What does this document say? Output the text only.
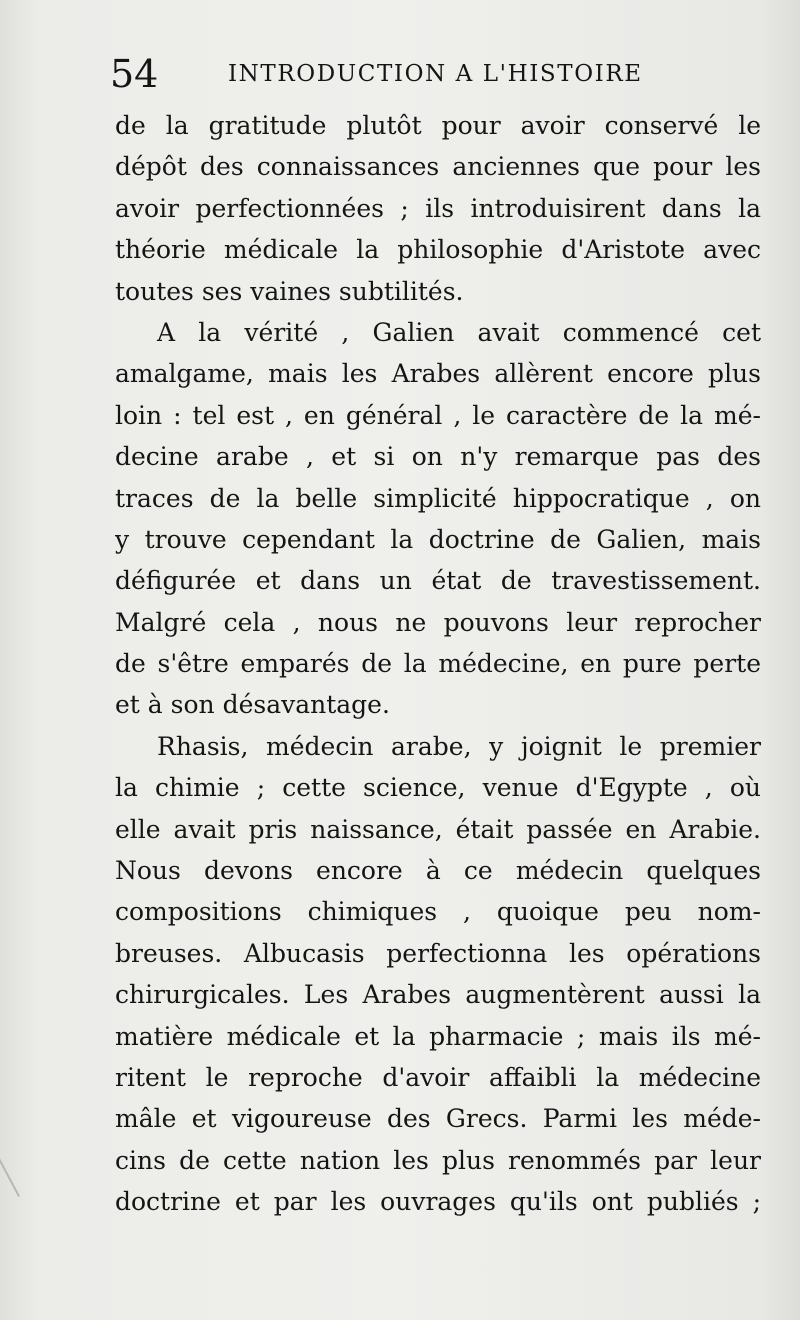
54	INTRODUCTION A L'HISTOIRE
de la gratitude plutôt pour avoir conservé le
dépôt des connaissances anciennes que pour les
avoir perfectionnées ; ils introduisirent dans la
théorie médicale la philosophie d'Aristote avec
toutes ses vaines subtilités.
A la vérité , Galien avait commencé cet
amalgame, mais les Arabes allèrent encore plus
loin : tel est , en général , le caractère de la mé-
decine arabe , et si on n'y remarque pas des
traces de la belle simplicité hippocratique , on
y trouve cependant la doctrine de Galien, mais
défigurée et dans un état de travestissement.
Malgré cela , nous ne pouvons leur reprocher
de s'être emparés de la médecine, en pure perte
et à son désavantage.
Rhasis, médecin arabe, y joignit le premier
la chimie ; cette science, venue d'Egypte , où
elle avait pris naissance, était passée en Arabie.
Nous devons encore à ce médecin quelques
compositions chimiques , quoique peu nom-
breuses. Albucasis perfectionna les opérations
chirurgicales. Les Arabes augmentèrent aussi la
matière médicale et la pharmacie ; mais ils mé-
ritent le reproche d'avoir affaibli la médecine
mâle et vigoureuse des Grecs. Parmi les méde-
cins de cette nation les plus renommés par leur
doctrine et par les ouvrages qu'ils ont publiés ;
